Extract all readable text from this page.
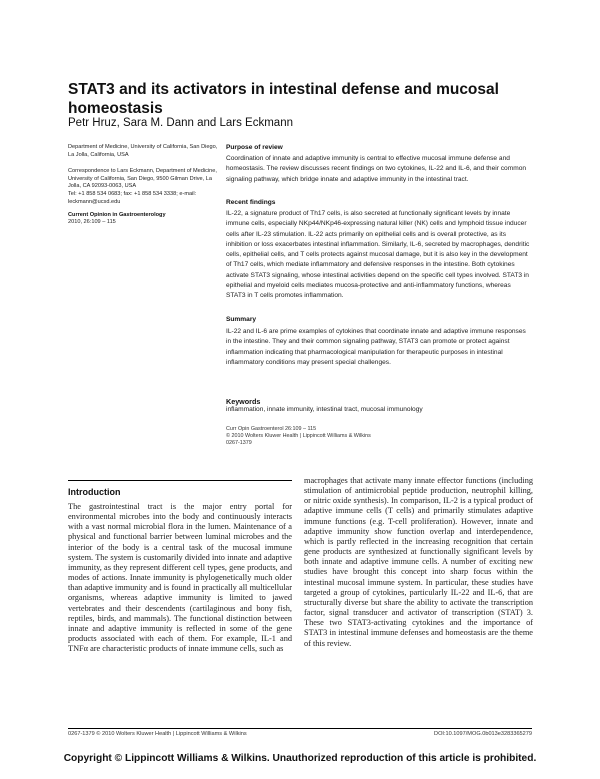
STAT3 and its activators in intestinal defense and mucosal homeostasis
Petr Hruz, Sara M. Dann and Lars Eckmann
Department of Medicine, University of California, San Diego, La Jolla, California, USA
Correspondence to Lars Eckmann, Department of Medicine, University of California, San Diego, 9500 Gilman Drive, La Jolla, CA 92093-0063, USA
Tel: +1 858 534 0683; fax: +1 858 534 3338; e-mail: leckmann@ucsd.edu
Current Opinion in Gastroenterology
2010, 26:109 – 115
Purpose of review
Coordination of innate and adaptive immunity is central to effective mucosal immune defense and homeostasis. The review discusses recent findings on two cytokines, IL-22 and IL-6, and their common signaling pathway, which bridge innate and adaptive immunity in the intestinal tract.
Recent findings
IL-22, a signature product of Th17 cells, is also secreted at functionally significant levels by innate immune cells, especially NKp44/NKp46-expressing natural killer (NK) cells and lymphoid tissue inducer cells after IL-23 stimulation. IL-22 acts primarily on epithelial cells and is overall protective, as its inhibition or loss exacerbates intestinal inflammation. Similarly, IL-6, secreted by macrophages, dendritic cells, epithelial cells, and T cells protects against mucosal damage, but it is also key in the development of Th17 cells, which mediate inflammatory and defensive responses in the intestine. Both cytokines activate STAT3 signaling, whose intestinal activities depend on the specific cell types involved. STAT3 in epithelial and myeloid cells mediates mucosa-protective and anti-inflammatory functions, whereas STAT3 in T cells promotes inflammation.
Summary
IL-22 and IL-6 are prime examples of cytokines that coordinate innate and adaptive immune responses in the intestine. They and their common signaling pathway, STAT3 can promote or protect against inflammation indicating that pharmacological manipulation for therapeutic purposes in intestinal inflammatory conditions may present special challenges.
Keywords
inflammation, innate immunity, intestinal tract, mucosal immunology
Curr Opin Gastroenterol 26:109 – 115
© 2010 Wolters Kluwer Health | Lippincott Williams & Wilkins
0267-1379
Introduction
The gastrointestinal tract is the major entry portal for environmental microbes into the body and continuously interacts with a vast normal microbial flora in the lumen. Maintenance of a physical and functional barrier between luminal microbes and the interior of the body is a central task of the mucosal immune system. The system is customarily divided into innate and adaptive immunity, as they represent different cell types, gene products, and modes of actions. Innate immunity is phylogenetically much older than adaptive immunity and is found in practically all multicellular organisms, whereas adaptive immunity is limited to jawed vertebrates and their descendents (cartilaginous and bony fish, reptiles, birds, and mammals). The functional distinction between innate and adaptive immunity is reflected in some of the gene products associated with each of them. For example, IL-1 and TNFα are characteristic products of innate immune cells, such as
macrophages that activate many innate effector functions (including stimulation of antimicrobial peptide production, neutrophil killing, or nitric oxide synthesis). In comparison, IL-2 is a typical product of adaptive immune cells (T cells) and primarily stimulates adaptive immune functions (e.g. T-cell proliferation). However, innate and adaptive immunity show function overlap and interdependence, which is partly reflected in the increasing recognition that certain gene products are synthesized at functionally significant levels by both innate and adaptive immune cells. A number of exciting new studies have brought this concept into sharp focus within the intestinal mucosal immune system. In particular, these studies have targeted a group of cytokines, particularly IL-22 and IL-6, that are structurally diverse but share the ability to activate the transcription factor, signal transducer and activator of transcription (STAT) 3. These two STAT3-activating cytokines and the importance of STAT3 in intestinal immune defenses and homeostasis are the theme of this review.
0267-1379 © 2010 Wolters Kluwer Health | Lippincott Williams & Wilkins	DOI:10.1097/MOG.0b013e3283365279
Copyright © Lippincott Williams & Wilkins. Unauthorized reproduction of this article is prohibited.
